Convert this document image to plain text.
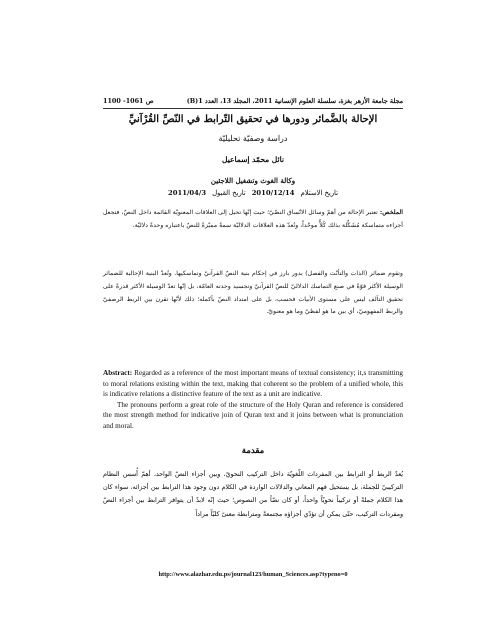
ص 1061- 1100	مجلة جامعة الأزهر بغزة، سلسلة العلوم الإنسانية 2011، المجلد 13، العدد 1(B)
الإحالة بالضَّمائر ودورها في تحقيق التّرابط في النّصِّ القُرْآنيِّ
دراسة وصفيّة تحليليّة
نائل محمّد إسماعيل
وكالة الغوث وتشغيل اللاجئين
تاريخ الاستلام
2010/12/14
تاريخ القبول
2011/04/3
الملخص: تعتبر الإحالة من أهمّ وسائل الاتّساق النصّيّ؛ حيث إنّها تحيل إلى العلاقات المعنويّة القائمة داخل النصّ، فتجعل أجزاءه متماسكة مُشَكِّلة بذلك كُلاًّ موحّداً، وتُعدّ هذه العلاقات الدلاليّة سمةً مميّزةً للنصّ باعتباره وحدةً دلاليّة.
وتقوم ضمائر (الذات والتأنّث والفصل) بدور بارز في إحكام بنية النصّ القرآنيّ وتماسكيها. وتُعدّ البنية الإحالية للضمائر الوسيلة الأكثر قوّةً في صنع التماسك الدلاليّ للنصّ القرآنيّ وتجسيد وحدته العامّة، بل إنّها تعدّ الوسيلة الأكثر قدرةً على تحقيق التآلف ليس على مستوى الأبيات فحسب، بل على امتداد النصّ بأكمله؛ ذلك لأنّها تقرن بين الربط الرصفيّ والربط المفهوميّ، أي بين ما هو لفظيّ وما هو معنويّ.

Abstract: Regarded as a reference of the most important means of textual consistency; it,s transmitting to moral relations existing within the text, making that coherent so the problem of a unified whole, this is indicative relations a distinctive feature of the text as a unit are indicative.

The pronouns perform a great role of the structure of the Holy Quran and reference is considered the most strength method for indicative join of Quran text and it joins between what is pronunciation and moral.

مقدمة
يُعدّ الربط أو الترابط بين المفردات اللّغويّة داخل التركيب النحويّ، وبين أجزاء النصّ الواحد، أهمّ أُسس النظام التركيبيّ للجملة، بل يستحيل فهم المعاني والدلالات الواردة في الكلام دون وجود هذا الترابط بين أجزائه، سواء كان هذا الكلام جملةً أو تركيباً نحويّاً واحداً، أو كان نصّاً من النصوص؛ حيث إنّه لابدّ أن يتوافر الترابط بين أجزاء النصّ ومفردات التركيب، حتّى يمكن أن تؤدّي أجزاؤه مجتمعةً ومترابطة معنىً كليّاً مراداً
http://www.alazhar.edu.ps/journal123/human_Sciences.asp?typeno=0
